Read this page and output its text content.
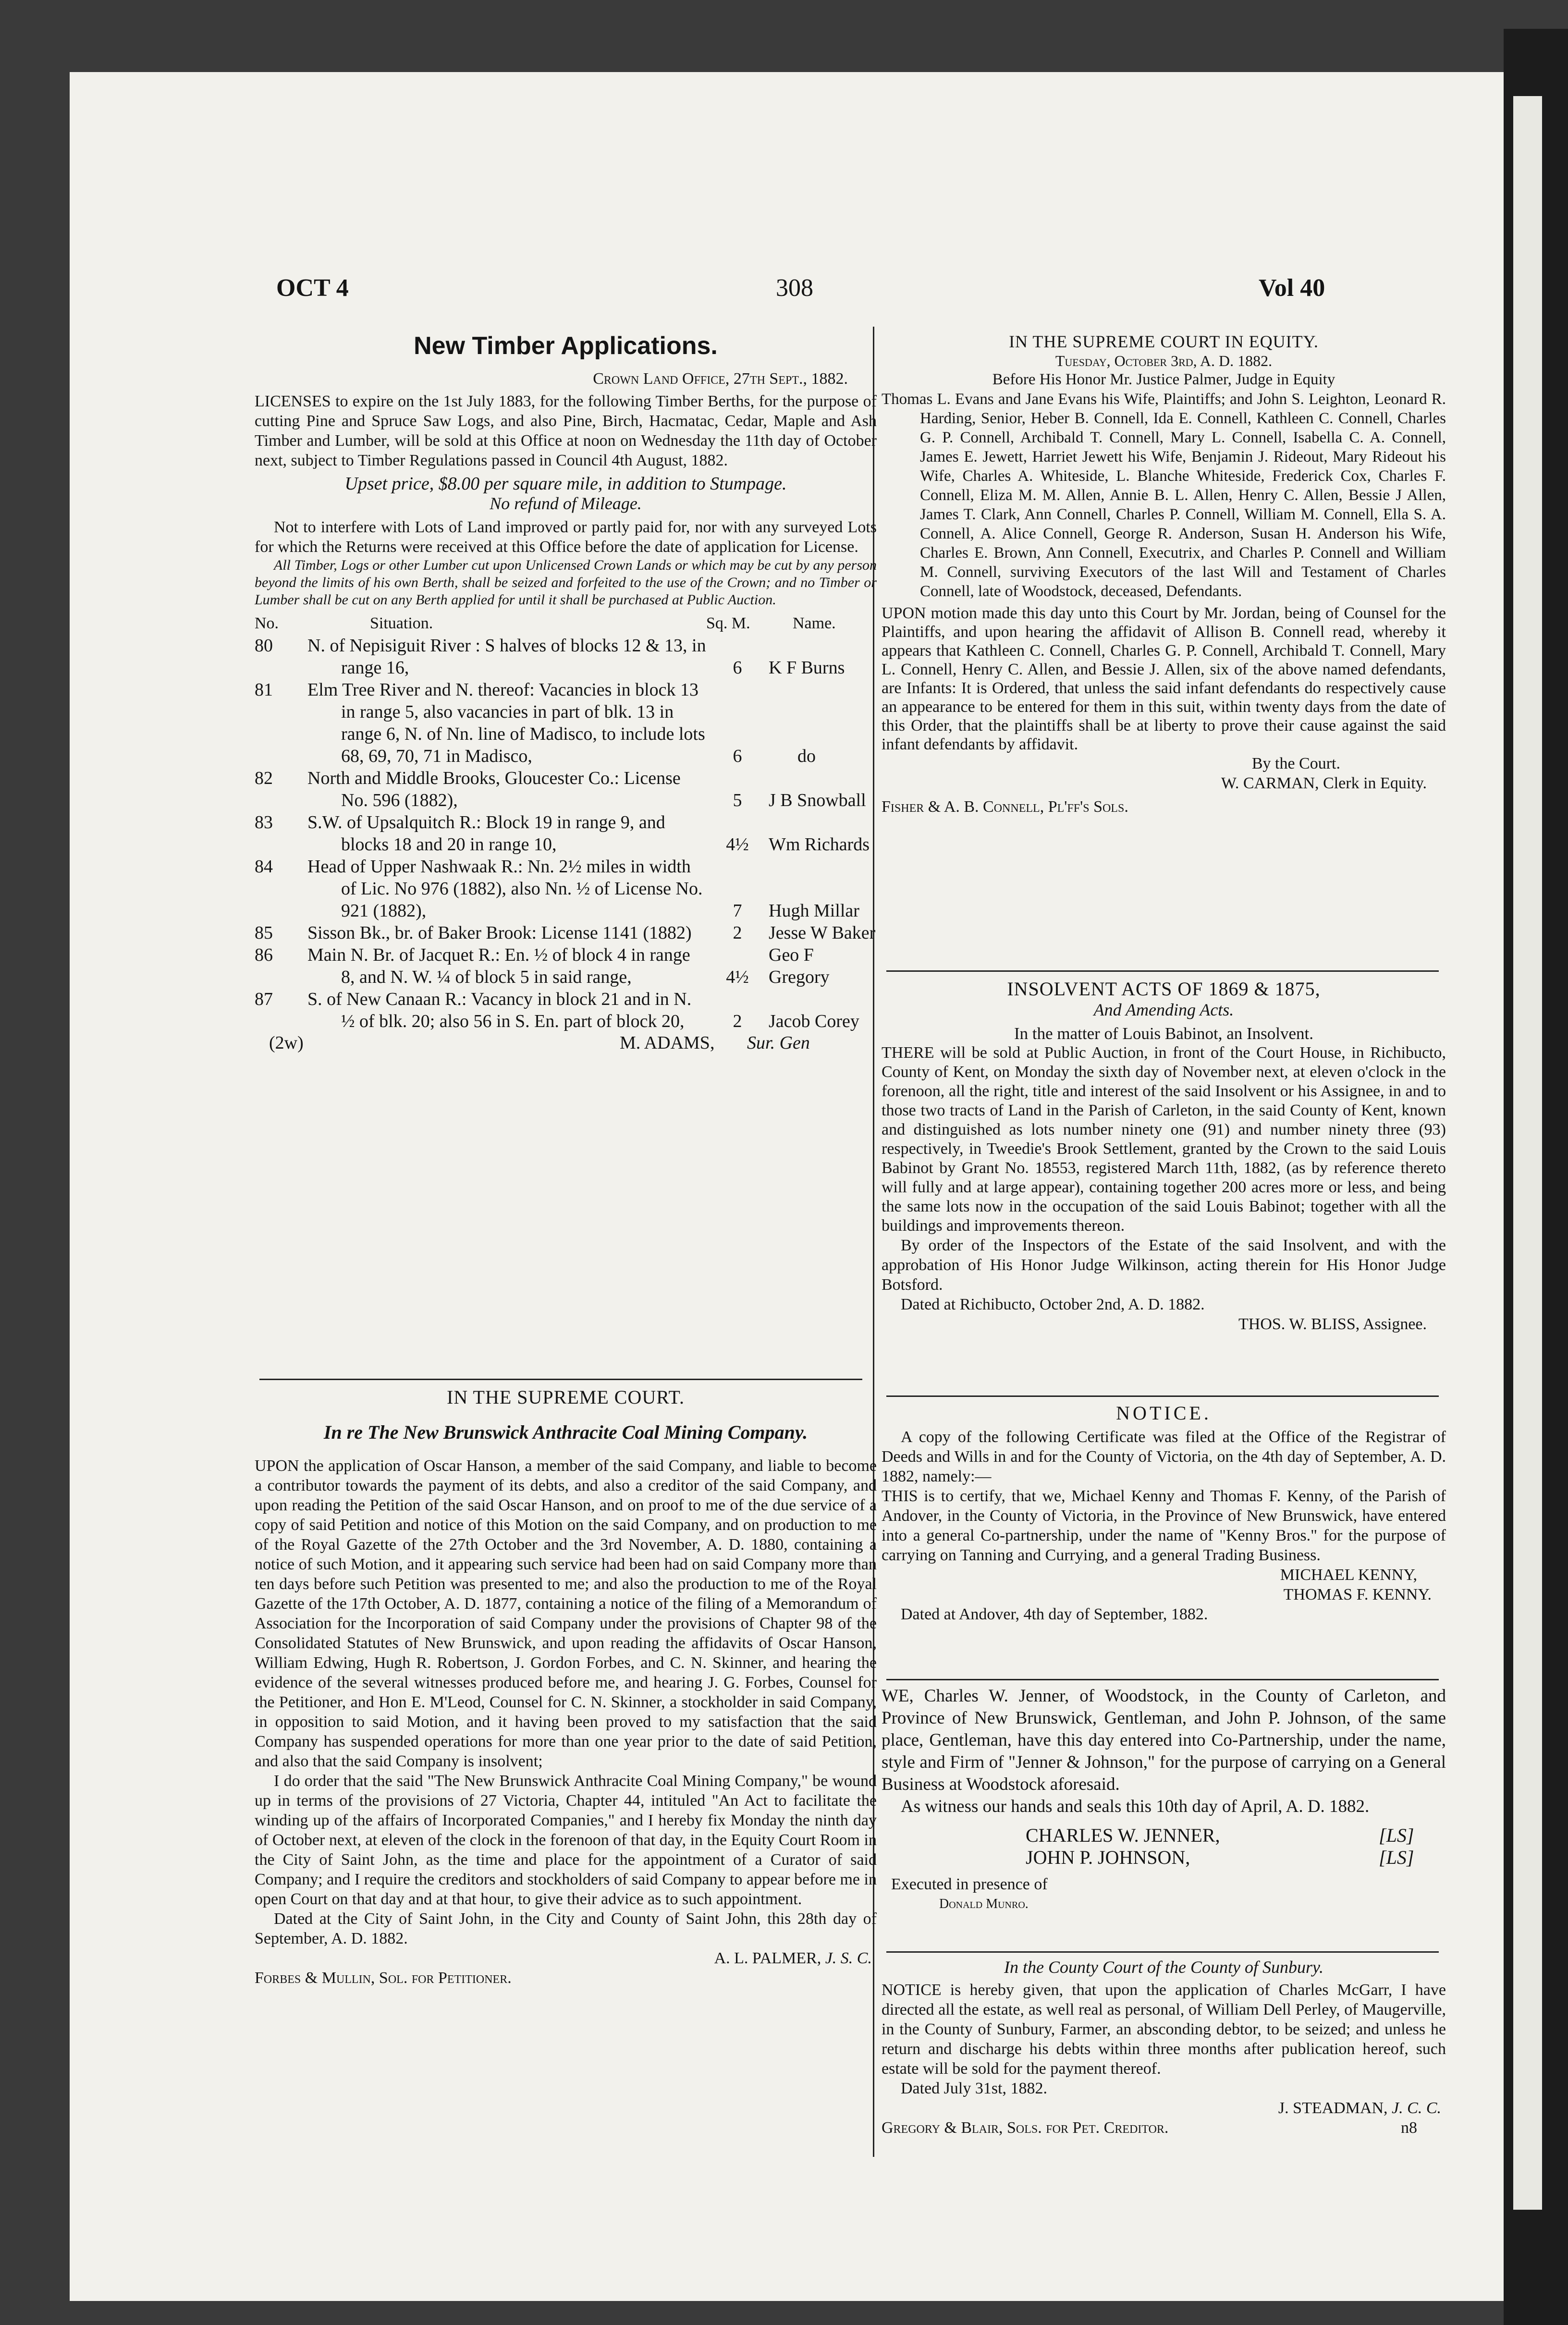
OCT 4	308	Vol 40
New Timber Applications.

Crown Land Office, 27th Sept., 1882.

LICENSES to expire on the 1st July 1883, for the following Timber Berths, for the purpose of cutting Pine and Spruce Saw Logs, and also Pine, Birch, Hacmatac, Cedar, Maple and Ash Timber and Lumber, will be sold at this Office at noon on Wednesday the 11th day of October next, subject to Timber Regulations passed in Council 4th August, 1882.

Upset price, $8.00 per square mile, in addition to Stumpage.

No refund of Mileage.

Not to interfere with Lots of Land improved or partly paid for, nor with any surveyed Lots for which the Returns were received at this Office before the date of application for License.

All Timber, Logs or other Lumber cut upon Unlicensed Crown Lands or which may be cut by any person beyond the limits of his own Berth, shall be seized and forfeited to the use of the Crown; and no Timber or Lumber shall be cut on any Berth applied for until it shall be purchased at Public Auction.

No.	Situation.	Sq. M.	Name.
80	N. of Nepisiguit River : S halves of blocks 12 & 13, in range 16,	6	K F Burns
81	Elm Tree River and N. thereof: Vacancies in block 13 in range 5, also vacancies in part of blk. 13 in range 6, N. of Nn. line of Madisco, to include lots 68, 69, 70, 71 in Madisco,	6	do
82	North and Middle Brooks, Gloucester Co.: License No. 596 (1882),	5	J B Snowball
83	S.W. of Upsalquitch R.: Block 19 in range 9, and blocks 18 and 20 in range 10,	4½	Wm Richards
84	Head of Upper Nashwaak R.: Nn. 2½ miles in width of Lic. No 976 (1882), also Nn. ½ of License No. 921 (1882),	7	Hugh Millar
85	Sisson Bk., br. of Baker Brook: License 1141 (1882)	2	Jesse W Baker
86	Main N. Br. of Jacquet R.: En. ½ of block 4 in range 8, and N. W. ¼ of block 5 in said range,	4½	Geo F Gregory
87	S. of New Canaan R.: Vacancy in block 21 and in N. ½ of blk. 20; also 56 in S. En. part of block 20,	2	Jacob Corey
(2w)	M. ADAMS, Sur. Gen
IN THE SUPREME COURT.
In re The New Brunswick Anthracite Coal Mining Company.

UPON the application of Oscar Hanson, a member of the said Company, and liable to become a contributor towards the payment of its debts, and also a creditor of the said Company, and upon reading the Petition of the said Oscar Hanson, and on proof to me of the due service of a copy of said Petition and notice of this Motion on the said Company, and on production to me of the Royal Gazette of the 27th October and the 3rd November, A. D. 1880, containing a notice of such Motion, and it appearing such service had been had on said Company more than ten days before such Petition was presented to me; and also the production to me of the Royal Gazette of the 17th October, A. D. 1877, containing a notice of the filing of a Memorandum of Association for the Incorporation of said Company under the provisions of Chapter 98 of the Consolidated Statutes of New Brunswick, and upon reading the affidavits of Oscar Hanson, William Edwing, Hugh R. Robertson, J. Gordon Forbes, and C. N. Skinner, and hearing the evidence of the several witnesses produced before me, and hearing J. G. Forbes, Counsel for the Petitioner, and Hon E. M'Leod, Counsel for C. N. Skinner, a stockholder in said Company, in opposition to said Motion, and it having been proved to my satisfaction that the said Company has suspended operations for more than one year prior to the date of said Petition, and also that the said Company is insolvent;

I do order that the said "The New Brunswick Anthracite Coal Mining Company," be wound up in terms of the provisions of 27 Victoria, Chapter 44, intituled "An Act to facilitate the winding up of the affairs of Incorporated Companies," and I hereby fix Monday the ninth day of October next, at eleven of the clock in the forenoon of that day, in the Equity Court Room in the City of Saint John, as the time and place for the appointment of a Curator of said Company; and I require the creditors and stockholders of said Company to appear before me in open Court on that day and at that hour, to give their advice as to such appointment.

Dated at the City of Saint John, in the City and County of Saint John, this 28th day of September, A. D. 1882.

A. L. PALMER, J. S. C.

Forbes & Mullin, Sol. for Petitioner.

IN THE SUPREME COURT IN EQUITY.

Tuesday, October 3rd, A. D. 1882.

Before His Honor Mr. Justice Palmer, Judge in Equity

Thomas L. Evans and Jane Evans his Wife, Plaintiffs; and John S. Leighton, Leonard R. Harding, Senior, Heber B. Connell, Ida E. Connell, Kathleen C. Connell, Charles G. P. Connell, Archibald T. Connell, Mary L. Connell, Isabella C. A. Connell, James E. Jewett, Harriet Jewett his Wife, Benjamin J. Rideout, Mary Rideout his Wife, Charles A. Whiteside, L. Blanche Whiteside, Frederick Cox, Charles F. Connell, Eliza M. M. Allen, Annie B. L. Allen, Henry C. Allen, Bessie J Allen, James T. Clark, Ann Connell, Charles P. Connell, William M. Connell, Ella S. A. Connell, A. Alice Connell, George R. Anderson, Susan H. Anderson his Wife, Charles E. Brown, Ann Connell, Executrix, and Charles P. Connell and William M. Connell, surviving Executors of the last Will and Testament of Charles Connell, late of Woodstock, deceased, Defendants.

UPON motion made this day unto this Court by Mr. Jordan, being of Counsel for the Plaintiffs, and upon hearing the affidavit of Allison B. Connell read, whereby it appears that Kathleen C. Connell, Charles G. P. Connell, Archibald T. Connell, Mary L. Connell, Henry C. Allen, and Bessie J. Allen, six of the above named defendants, are Infants: It is Ordered, that unless the said infant defendants do respectively cause an appearance to be entered for them in this suit, within twenty days from the date of this Order, that the plaintiffs shall be at liberty to prove their cause against the said infant defendants by affidavit.

By the Court.

W. CARMAN, Clerk in Equity.

Fisher & A. B. Connell, Pl'ff's Sols.

INSOLVENT ACTS OF 1869 & 1875,

And Amending Acts.

In the matter of Louis Babinot, an Insolvent.

THERE will be sold at Public Auction, in front of the Court House, in Richibucto, County of Kent, on Monday the sixth day of November next, at eleven o'clock in the forenoon, all the right, title and interest of the said Insolvent or his Assignee, in and to those two tracts of Land in the Parish of Carleton, in the said County of Kent, known and distinguished as lots number ninety one (91) and number ninety three (93) respectively, in Tweedie's Brook Settlement, granted by the Crown to the said Louis Babinot by Grant No. 18553, registered March 11th, 1882, (as by reference thereto will fully and at large appear), containing together 200 acres more or less, and being the same lots now in the occupation of the said Louis Babinot; together with all the buildings and improvements thereon.

By order of the Inspectors of the Estate of the said Insolvent, and with the approbation of His Honor Judge Wilkinson, acting therein for His Honor Judge Botsford.

Dated at Richibucto, October 2nd, A. D. 1882.

THOS. W. BLISS, Assignee.

NOTICE.

A copy of the following Certificate was filed at the Office of the Registrar of Deeds and Wills in and for the County of Victoria, on the 4th day of September, A. D. 1882, namely:—

THIS is to certify, that we, Michael Kenny and Thomas F. Kenny, of the Parish of Andover, in the County of Victoria, in the Province of New Brunswick, have entered into a general Co-partnership, under the name of "Kenny Bros." for the purpose of carrying on Tanning and Currying, and a general Trading Business.

MICHAEL KENNY,

THOMAS F. KENNY.

Dated at Andover, 4th day of September, 1882.

WE, Charles W. Jenner, of Woodstock, in the County of Carleton, and Province of New Brunswick, Gentleman, and John P. Johnson, of the same place, Gentleman, have this day entered into Co-Partnership, under the name, style and Firm of "Jenner & Johnson," for the purpose of carrying on a General Business at Woodstock aforesaid.

As witness our hands and seals this 10th day of April, A. D. 1882.

CHARLES W. JENNER,	[LS]
JOHN P. JOHNSON,	[LS]

Executed in presence of

Donald Munro.

In the County Court of the County of Sunbury.

NOTICE is hereby given, that upon the application of Charles McGarr, I have directed all the estate, as well real as personal, of William Dell Perley, of Maugerville, in the County of Sunbury, Farmer, an absconding debtor, to be seized; and unless he return and discharge his debts within three months after publication hereof, such estate will be sold for the payment thereof.

Dated July 31st, 1882.

J. STEADMAN, J. C. C.

Gregory & Blair, Sols. for Pet. Creditor.	n8
